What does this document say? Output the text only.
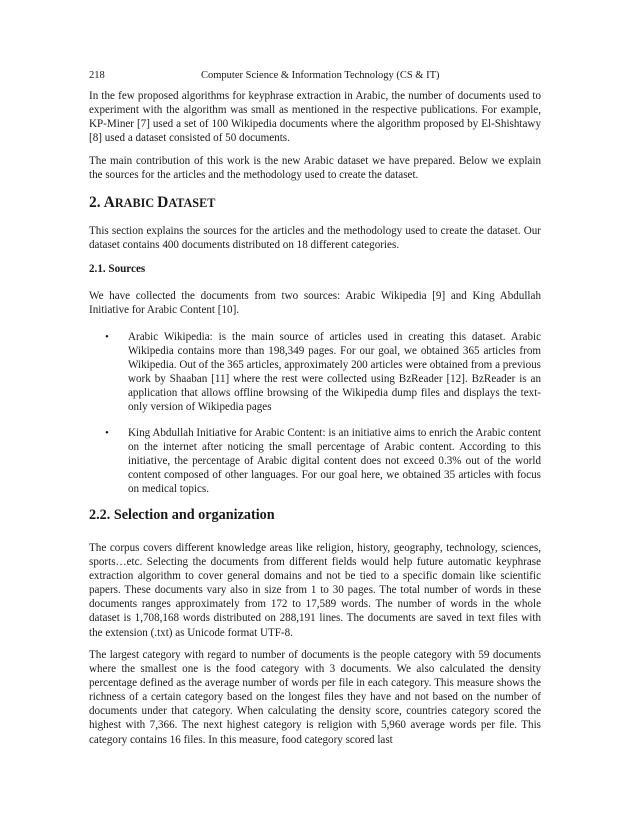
218	Computer Science & Information Technology (CS & IT)

In the few proposed algorithms for keyphrase extraction in Arabic, the number of documents used to experiment with the algorithm was small as mentioned in the respective publications. For example, KP-Miner [7] used a set of 100 Wikipedia documents where the algorithm proposed by El-Shishtawy [8] used a dataset consisted of 50 documents.

The main contribution of this work is the new Arabic dataset we have prepared. Below we explain the sources for the articles and the methodology used to create the dataset.

2. ARABIC DATASET

This section explains the sources for the articles and the methodology used to create the dataset. Our dataset contains 400 documents distributed on 18 different categories.

2.1. Sources

We have collected the documents from two sources: Arabic Wikipedia [9] and King Abdullah Initiative for Arabic Content [10].

• Arabic Wikipedia: is the main source of articles used in creating this dataset. Arabic Wikipedia contains more than 198,349 pages. For our goal, we obtained 365 articles from Wikipedia. Out of the 365 articles, approximately 200 articles were obtained from a previous work by Shaaban [11] where the rest were collected using BzReader [12]. BzReader is an application that allows offline browsing of the Wikipedia dump files and displays the text-only version of Wikipedia pages

• King Abdullah Initiative for Arabic Content: is an initiative aims to enrich the Arabic content on the internet after noticing the small percentage of Arabic content. According to this initiative, the percentage of Arabic digital content does not exceed 0.3% out of the world content composed of other languages. For our goal here, we obtained 35 articles with focus on medical topics.

2.2. Selection and organization

The corpus covers different knowledge areas like religion, history, geography, technology, sciences, sports…etc. Selecting the documents from different fields would help future automatic keyphrase extraction algorithm to cover general domains and not be tied to a specific domain like scientific papers. These documents vary also in size from 1 to 30 pages. The total number of words in these documents ranges approximately from 172 to 17,589 words. The number of words in the whole dataset is 1,708,168 words distributed on 288,191 lines. The documents are saved in text files with the extension (.txt) as Unicode format UTF-8.

The largest category with regard to number of documents is the people category with 59 documents where the smallest one is the food category with 3 documents. We also calculated the density percentage defined as the average number of words per file in each category. This measure shows the richness of a certain category based on the longest files they have and not based on the number of documents under that category. When calculating the density score, countries category scored the highest with 7,366. The next highest category is religion with 5,960 average words per file. This category contains 16 files. In this measure, food category scored last
